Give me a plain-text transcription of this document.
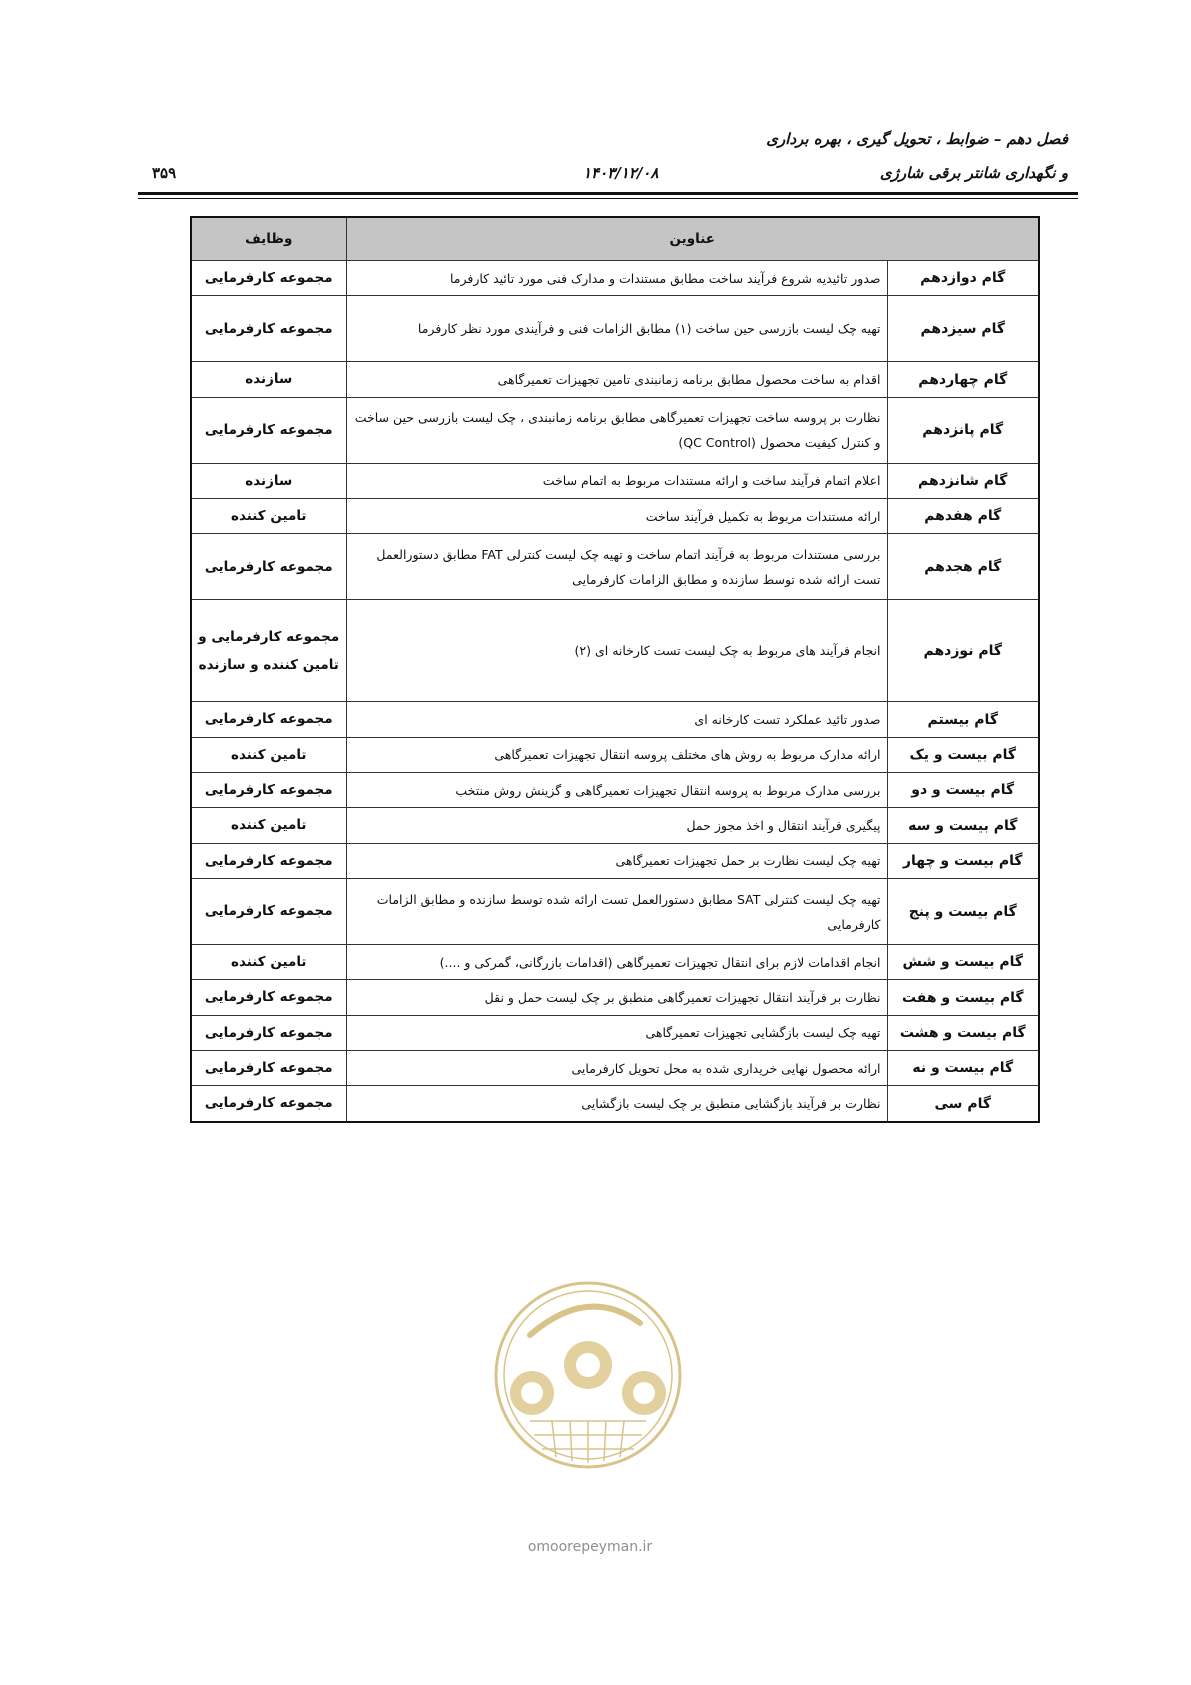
فصل دهم – ضوابط ، تحویل گیری ، بهره برداری
و نگهداری شانتر برقی شارژی
۱۴۰۳/۱۲/۰۸
۳۵۹
عناوین		وظایف
گام دوازدهم	صدور تائیدیه شروع فرآیند ساخت مطابق مستندات و مدارک فنی مورد تائید کارفرما	مجموعه کارفرمایی
گام سیزدهم	تهیه چک لیست بازرسی حین ساخت (۱) مطابق الزامات فنی و فرآیندی مورد نظر کارفرما	مجموعه کارفرمایی
گام چهاردهم	اقدام به ساخت محصول مطابق برنامه زمانبندی تامین تجهیزات تعمیرگاهی	سازنده
گام پانزدهم	نظارت بر پروسه ساخت تجهیزات تعمیرگاهی مطابق برنامه زمانبندی ، چک لیست بازرسی حین ساخت و کنترل کیفیت محصول (QC Control)	مجموعه کارفرمایی
گام شانزدهم	اعلام اتمام فرآیند ساخت و ارائه مستندات مربوط به اتمام ساخت	سازنده
گام هفدهم	ارائه مستندات مربوط به تکمیل فرآیند ساخت	تامین کننده
گام هجدهم	بررسی مستندات مربوط به فرآیند اتمام ساخت و تهیه چک لیست کنترلی FAT مطابق دستورالعمل تست ارائه شده توسط سازنده و مطابق الزامات کارفرمایی	مجموعه کارفرمایی
گام نوزدهم	انجام فرآیند های مربوط به چک لیست تست کارخانه ای (۲)	مجموعه کارفرمایی و تامین کننده و سازنده
گام بیستم	صدور تائید عملکرد تست کارخانه ای	مجموعه کارفرمایی
گام بیست و یک	ارائه مدارک مربوط به روش های مختلف پروسه انتقال تجهیزات تعمیرگاهی	تامین کننده
گام بیست و دو	بررسی مدارک مربوط به پروسه انتقال تجهیزات تعمیرگاهی و گزینش روش منتخب	مجموعه کارفرمایی
گام بیست و سه	پیگیری فرآیند انتقال و اخذ مجوز حمل	تامین کننده
گام بیست و چهار	تهیه چک لیست نظارت بر حمل تجهیزات تعمیرگاهی	مجموعه کارفرمایی
گام بیست و پنج	تهیه چک لیست کنترلی SAT مطابق دستورالعمل تست ارائه شده توسط سازنده و مطابق الزامات کارفرمایی	مجموعه کارفرمایی
گام بیست و شش	انجام اقدامات لازم برای انتقال تجهیزات تعمیرگاهی (اقدامات بازرگانی، گمرکی و ....)	تامین کننده
گام بیست و هفت	نظارت بر فرآیند انتقال تجهیزات تعمیرگاهی منطبق بر چک لیست حمل و نقل	مجموعه کارفرمایی
گام بیست و هشت	تهیه چک لیست بازگشایی تجهیزات تعمیرگاهی	مجموعه کارفرمایی
گام بیست و نه	ارائه محصول نهایی خریداری شده به محل تحویل کارفرمایی	مجموعه کارفرمایی
گام سی	نظارت بر فرآیند بازگشایی منطبق بر چک لیست بازگشایی	مجموعه کارفرمایی
omoorepeyman.ir
